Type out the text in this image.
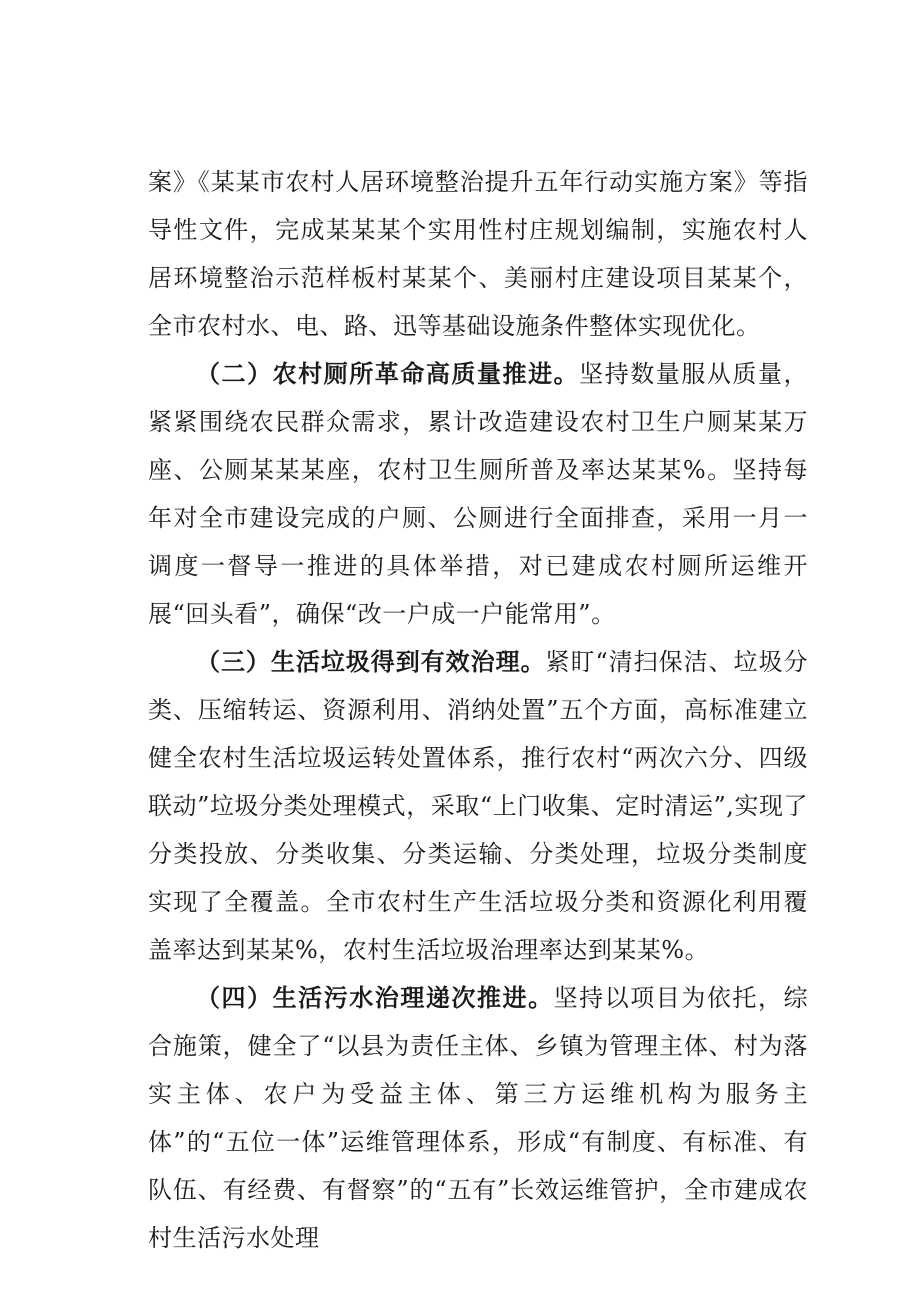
案》《某某市农村人居环境整治提升五年行动实施方案》等指导性文件，完成某某某个实用性村庄规划编制，实施农村人居环境整治示范样板村某某个、美丽村庄建设项目某某个，全市农村水、电、路、迅等基础设施条件整体实现优化。

（二）农村厕所革命高质量推进。坚持数量服从质量，紧紧围绕农民群众需求，累计改造建设农村卫生户厕某某万座、公厕某某某座，农村卫生厕所普及率达某某%。坚持每年对全市建设完成的户厕、公厕进行全面排查，采用一月一调度一督导一推进的具体举措，对已建成农村厕所运维开展“回头看”，确保“改一户成一户能常用”。

（三）生活垃圾得到有效治理。紧盯“清扫保洁、垃圾分类、压缩转运、资源利用、消纳处置”五个方面，高标准建立健全农村生活垃圾运转处置体系，推行农村“两次六分、四级联动”垃圾分类处理模式，采取“上门收集、定时清运”,实现了分类投放、分类收集、分类运输、分类处理，垃圾分类制度实现了全覆盖。全市农村生产生活垃圾分类和资源化利用覆盖率达到某某%，农村生活垃圾治理率达到某某%。

（四）生活污水治理递次推进。坚持以项目为依托，综合施策，健全了“以县为责任主体、乡镇为管理主体、村为落实主体、农户为受益主体、第三方运维机构为服务主体”的“五位一体”运维管理体系，形成“有制度、有标准、有队伍、有经费、有督察”的“五有”长效运维管护，全市建成农村生活污水处理
